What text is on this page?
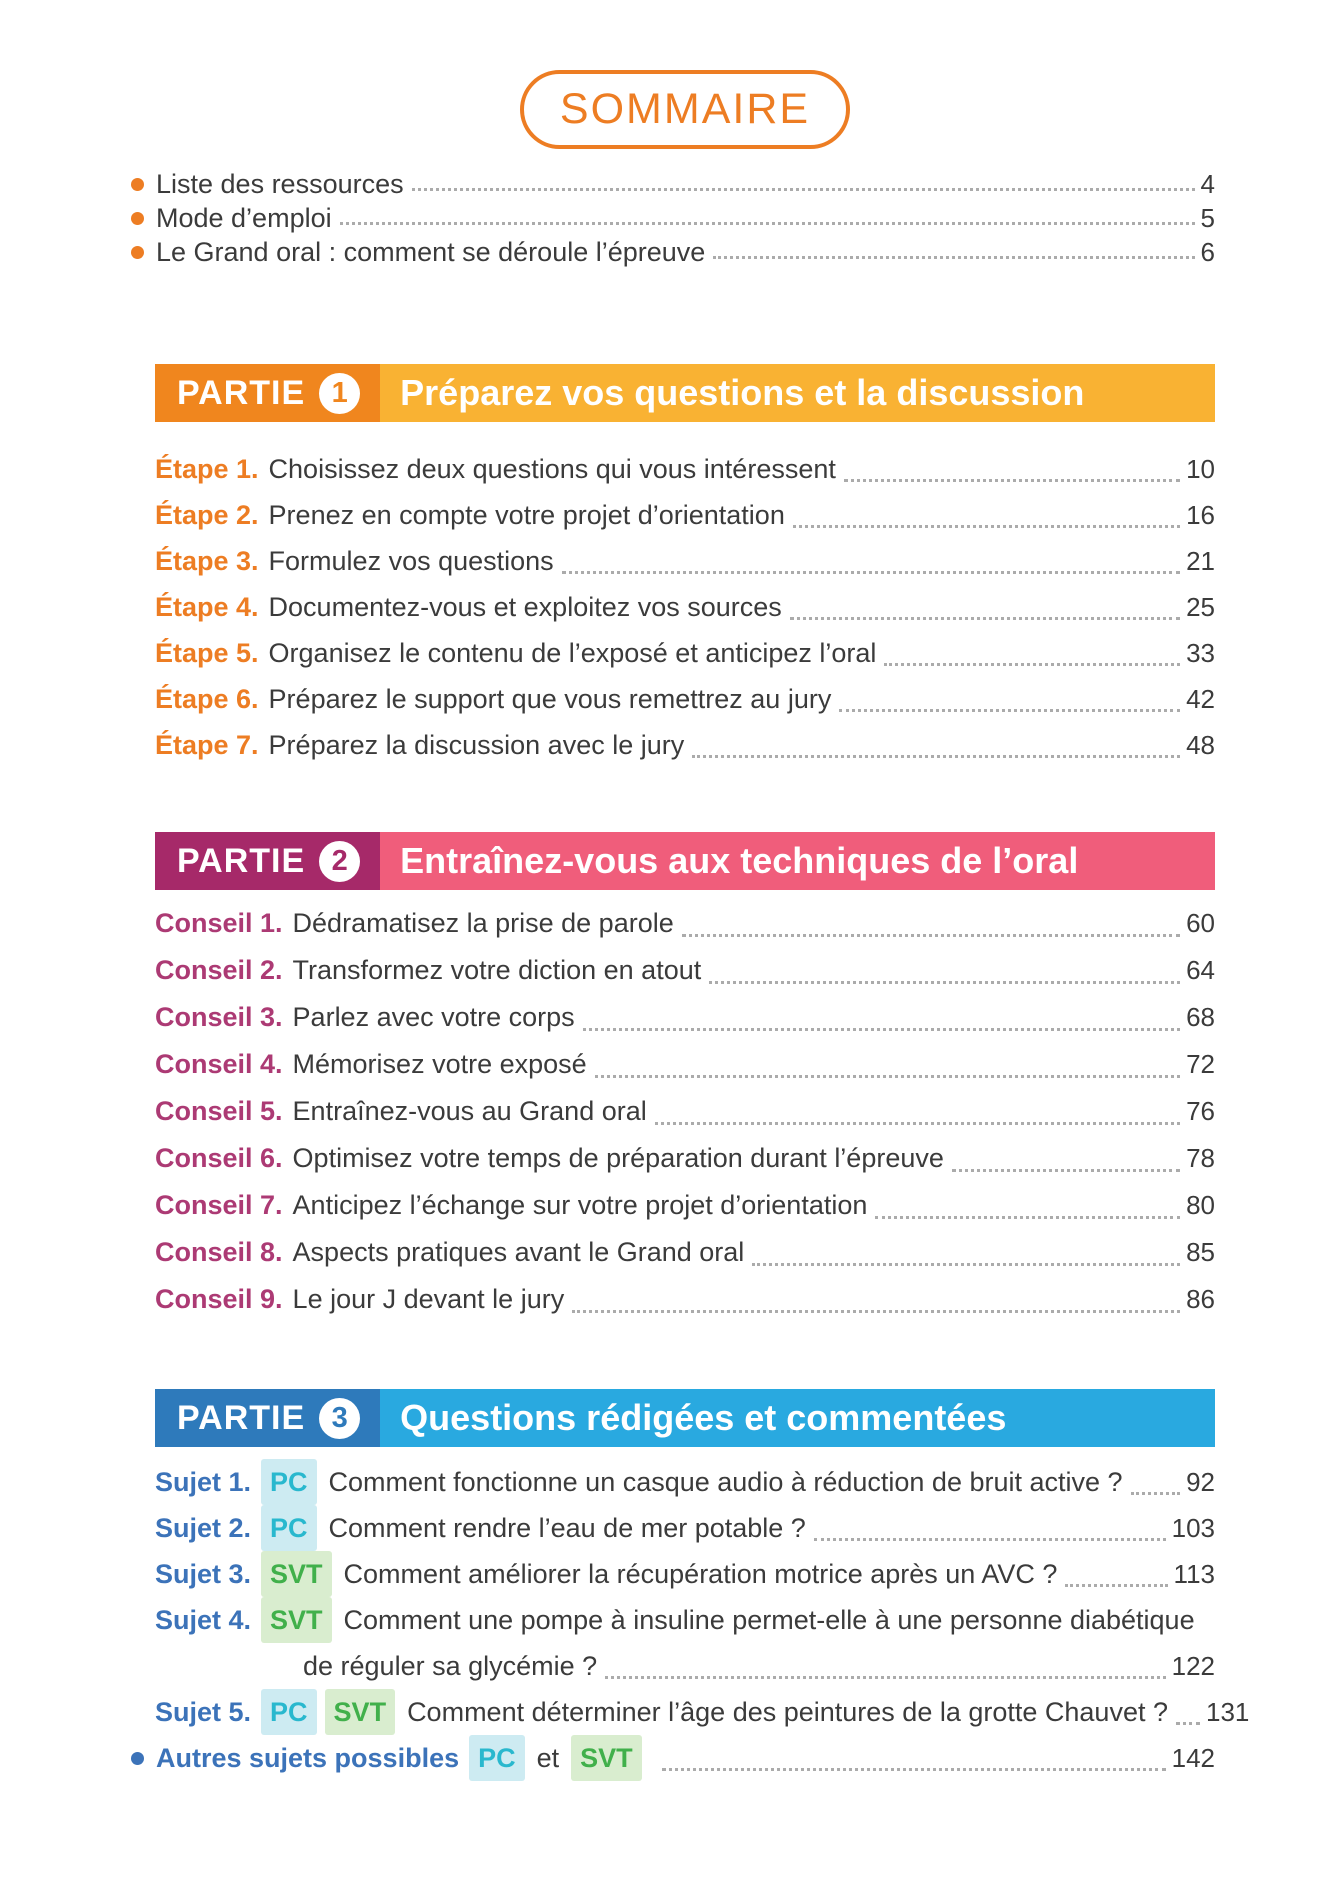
SOMMAIRE
Liste des ressources	4
Mode d’emploi	5
Le Grand oral : comment se déroule l’épreuve	6
PARTIE 1	Préparez vos questions et la discussion
Étape 1. Choisissez deux questions qui vous intéressent	10
Étape 2. Prenez en compte votre projet d’orientation	16
Étape 3. Formulez vos questions	21
Étape 4. Documentez-vous et exploitez vos sources	25
Étape 5. Organisez le contenu de l’exposé et anticipez l’oral	33
Étape 6. Préparez le support que vous remettrez au jury	42
Étape 7. Préparez la discussion avec le jury	48
PARTIE 2	Entraînez-vous aux techniques de l’oral
Conseil 1. Dédramatisez la prise de parole	60
Conseil 2. Transformez votre diction en atout	64
Conseil 3. Parlez avec votre corps	68
Conseil 4. Mémorisez votre exposé	72
Conseil 5. Entraînez-vous au Grand oral	76
Conseil 6. Optimisez votre temps de préparation durant l’épreuve	78
Conseil 7. Anticipez l’échange sur votre projet d’orientation	80
Conseil 8. Aspects pratiques avant le Grand oral	85
Conseil 9. Le jour J devant le jury	86
PARTIE 3	Questions rédigées et commentées
Sujet 1. PC Comment fonctionne un casque audio à réduction de bruit active ? 92
Sujet 2. PC Comment rendre l’eau de mer potable ?	103
Sujet 3. SVT Comment améliorer la récupération motrice après un AVC ?	113
Sujet 4. SVT Comment une pompe à insuline permet-elle à une personne diabétique
de réguler sa glycémie ?	122
Sujet 5. PC SVT Comment déterminer l’âge des peintures de la grotte Chauvet ? 131
Autres sujets possibles PC et SVT	142
